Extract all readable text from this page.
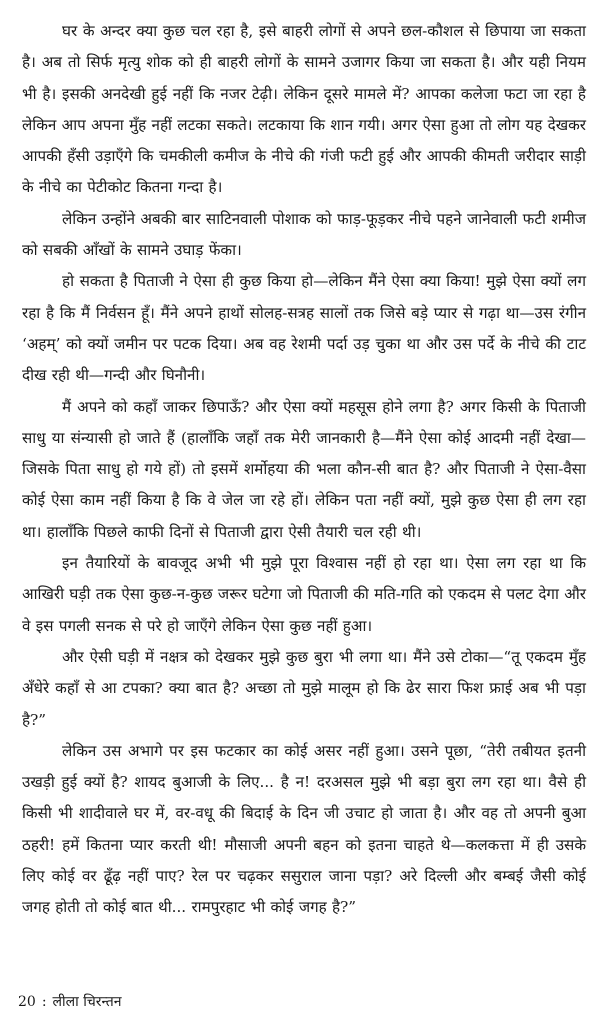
घर के अन्दर क्या कुछ चल रहा है, इसे बाहरी लोगों से अपने छल-कौशल से छिपाया जा सकता है। अब तो सिर्फ मृत्यु शोक को ही बाहरी लोगों के सामने उजागर किया जा सकता है। और यही नियम भी है। इसकी अनदेखी हुई नहीं कि नजर टेढ़ी। लेकिन दूसरे मामले में? आपका कलेजा फटा जा रहा है लेकिन आप अपना मुँह नहीं लटका सकते। लटकाया कि शान गयी। अगर ऐसा हुआ तो लोग यह देखकर आपकी हँसी उड़ाएँगे कि चमकीली कमीज के नीचे की गंजी फटी हुई और आपकी कीमती जरीदार साड़ी के नीचे का पेटीकोट कितना गन्दा है।

लेकिन उन्होंने अबकी बार साटिनवाली पोशाक को फाड़-फूड़कर नीचे पहने जानेवाली फटी शमीज को सबकी आँखों के सामने उघाड़ फेंका।

हो सकता है पिताजी ने ऐसा ही कुछ किया हो—लेकिन मैंने ऐसा क्या किया! मुझे ऐसा क्यों लग रहा है कि मैं निर्वसन हूँ। मैंने अपने हाथों सोलह-सत्रह सालों तक जिसे बड़े प्यार से गढ़ा था—उस रंगीन ‘अहम्’ को क्यों जमीन पर पटक दिया। अब वह रेशमी पर्दा उड़ चुका था और उस पर्दे के नीचे की टाट दीख रही थी—गन्दी और घिनौनी।

मैं अपने को कहाँ जाकर छिपाऊँ? और ऐसा क्यों महसूस होने लगा है? अगर किसी के पिताजी साधु या संन्यासी हो जाते हैं (हालाँकि जहाँ तक मेरी जानकारी है—मैंने ऐसा कोई आदमी नहीं देखा—जिसके पिता साधु हो गये हों) तो इसमें शर्मोहया की भला कौन-सी बात है? और पिताजी ने ऐसा-वैसा कोई ऐसा काम नहीं किया है कि वे जेल जा रहे हों। लेकिन पता नहीं क्यों, मुझे कुछ ऐसा ही लग रहा था। हालाँकि पिछले काफी दिनों से पिताजी द्वारा ऐसी तैयारी चल रही थी।

इन तैयारियों के बावजूद अभी भी मुझे पूरा विश्वास नहीं हो रहा था। ऐसा लग रहा था कि आखिरी घड़ी तक ऐसा कुछ-न-कुछ जरूर घटेगा जो पिताजी की मति-गति को एकदम से पलट देगा और वे इस पगली सनक से परे हो जाएँगे लेकिन ऐसा कुछ नहीं हुआ।

और ऐसी घड़ी में नक्षत्र को देखकर मुझे कुछ बुरा भी लगा था। मैंने उसे टोका—“तू एकदम मुँह अँधेरे कहाँ से आ टपका? क्या बात है? अच्छा तो मुझे मालूम हो कि ढेर सारा फिश फ्राई अब भी पड़ा है?”

लेकिन उस अभागे पर इस फटकार का कोई असर नहीं हुआ। उसने पूछा, “तेरी तबीयत इतनी उखड़ी हुई क्यों है? शायद बुआजी के लिए... है न! दरअसल मुझे भी बड़ा बुरा लग रहा था। वैसे ही किसी भी शादीवाले घर में, वर-वधू की बिदाई के दिन जी उचाट हो जाता है। और वह तो अपनी बुआ ठहरी! हमें कितना प्यार करती थी! मौसाजी अपनी बहन को इतना चाहते थे—कलकत्ता में ही उसके लिए कोई वर ढूँढ़ नहीं पाए? रेल पर चढ़कर ससुराल जाना पड़ा? अरे दिल्ली और बम्बई जैसी कोई जगह होती तो कोई बात थी... रामपुरहाट भी कोई जगह है?”

20 : लीला चिरन्तन
